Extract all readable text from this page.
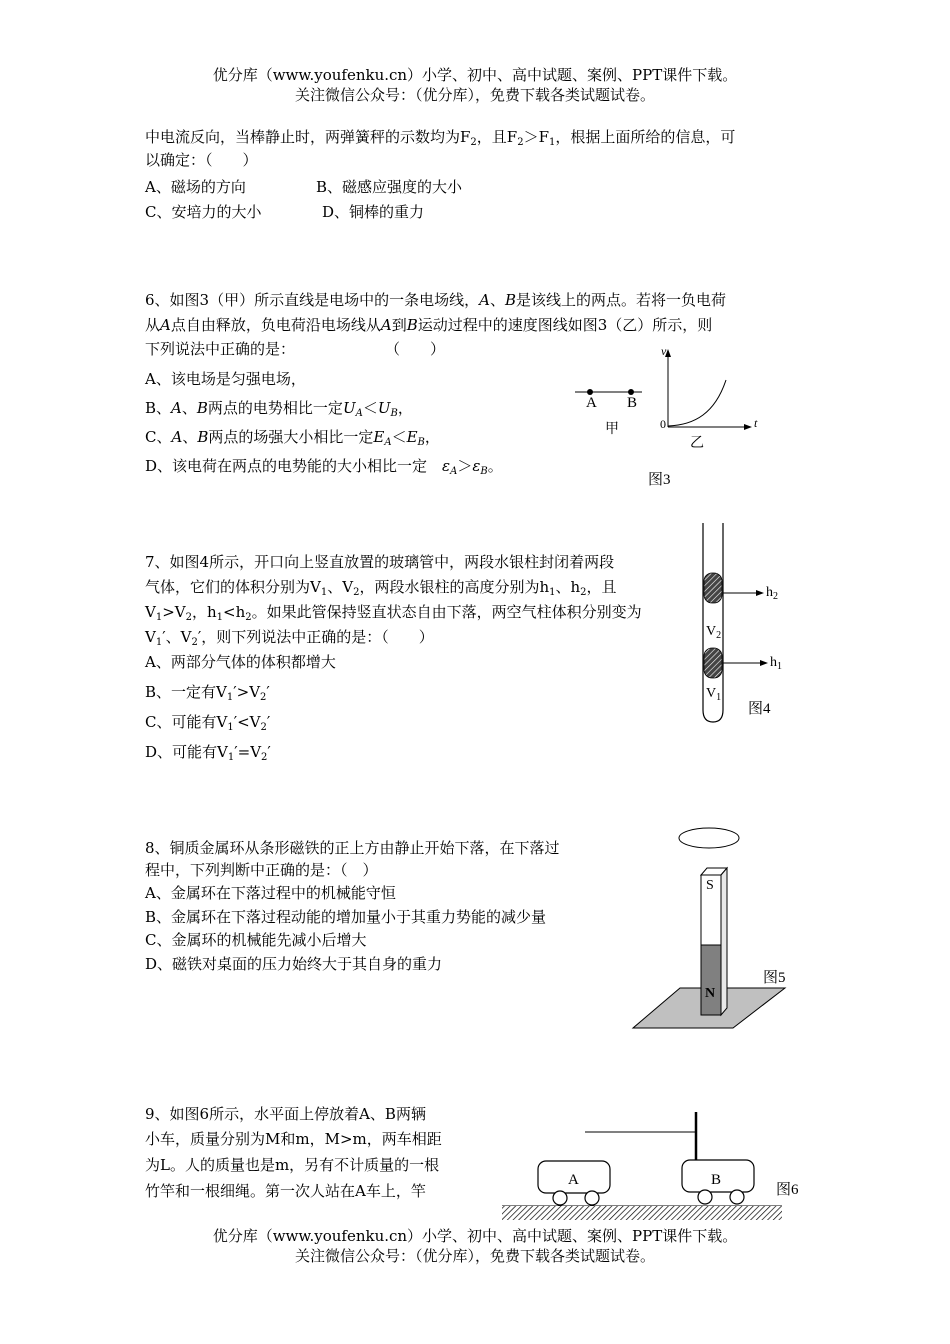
优分库（www.youfenku.cn）小学、初中、高中试题、案例、PPT课件下载。
关注微信公众号：（优分库），免费下载各类试题试卷。
中电流反向，当棒静止时，两弹簧秤的示数均为$F_2$，且$F_2>F_1$，根据上面所给的信息，可
以确定：（　　）
A、磁场的方向	B、磁感应强度的大小
C、安培力的大小	D、铜棒的重力
6、如图3（甲）所示直线是电场中的一条电场线，A、B是该线上的两点。若将一负电荷
从A点自由释放，负电荷沿电场线从A到B运动过程中的速度图线如图3（乙）所示，则
下列说法中正确的是：　　　　　　　（　　）
A、该电场是匀强电场，
B、A、B两点的电势相比一定$U_A<U_B$，
C、A、B两点的场强大小相比一定$E_A<E_B$，
D、该电荷在两点的电势能的大小相比一定　 $\varepsilon_A>\varepsilon_B$。
A B
甲
v
t
0
乙
图3
7、如图4所示，开口向上竖直放置的玻璃管中，两段水银柱封闭着两段
气体，它们的体积分别为$V_1$、$V_2$，两段水银柱的高度分别为$h_1$、$h_2$，且
$V_1>V_2$，$h_1<h_2$。如果此管保持竖直状态自由下落，两空气柱体积分别变为
$V_1'$、$V_2'$，则下列说法中正确的是：（　　）
A、两部分气体的体积都增大
B、一定有$V_1'>V_2'$
C、可能有$V_1'<V_2'$
D、可能有$V_1'=V_2'$
$h_2$
$h_1$
$V_2$
$V_1$
图4
8、铜质金属环从条形磁铁的正上方由静止开始下落，在下落过
程中，下列判断中正确的是：（　）
A、金属环在下落过程中的机械能守恒
B、金属环在下落过程动能的增加量小于其重力势能的减少量
C、金属环的机械能先减小后增大
D、磁铁对桌面的压力始终大于其自身的重力
S
N
图5
9、如图6所示，水平面上停放着A、B两辆
小车，质量分别为M和m，M>m，两车相距
为L。人的质量也是m，另有不计质量的一根
竹竿和一根细绳。第一次人站在A车上，竿
A	B
图6
优分库（www.youfenku.cn）小学、初中、高中试题、案例、PPT课件下载。
关注微信公众号：（优分库），免费下载各类试题试卷。
